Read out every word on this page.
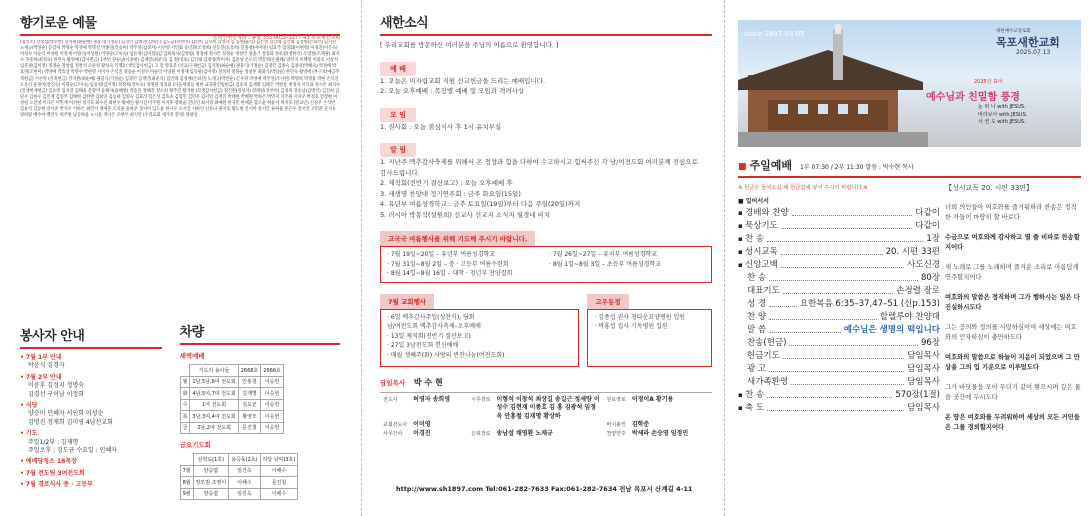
향기로운 예물
온라인헌금계좌 : 농협 355-0025-1277-43 목포새한교회
(십일조) 강성섭(박수완) 강지원(최순애) 권용식(가정순) 김경민 김태연(김태은) 김도균(강선미) 김선희 김수희 김영자 김 동원(윤석) 김은영 김인례 김인태 김정병(손외선) 김지연 노재규(박연순) 문갑미 박영순 박경애 박명실 박종연(안승미) 박주연(김정자) 서선영 서인화 송인환(조정희) 신동진(오옥희) 안홍철(이미영) 엄효주 엄경화(이현영) 이경진(이은숙) 이성수 이순덕 이양원 이정재 이영석(이성원) 이명순(고미숙) 임유영(김미정)(김 임희목사(김병엽) 정경애 정시몬 정정순 정창민 정충기 정충화 정초영(정한석) 조영원(조재권) 최지수 추준희(최정숙) 한민숙 황영애 (감사헌금) 1부헌 강순남(서종현) 김재민(최준석) 김 원(영초) 김인례 김재명(박미자) 김준상 문모리 박문희(손원해) 양선지 이해연 이중호 이창석 임유필(김미정) 정정순 정창림 정찬석 조순영 황성숙 익명2 (생일감사헌금) 고 걸 박효준 (선교/구제헌금) 김지원(최순애) 권용식(가정순) 김경민 김종숙 김종성(박혜숙) 박경애 박효영(조현미) 박양애 박효상 박병수 박현영 서미자 손석진 정용순 이성수 이순덕 이양원 이정재 임유필(김미정) 정정희 정정순 정창훈 최화식(박일순) 한민숙 황영애 (부구보(예금추적헌금) 서선영 (건축헌금) 강지원(최순애) 권용식(가정순) 김경민 김재민(최준석) 김인례 김정배(손외선) 노재규(박연순) 문우위 박경애 박주연(조지현) 박명희 박정용 박현 손석진 오유석 윤정미(강진숙) 이명순(고미숙) 임유영(김미정) 정정희(강미숙) 정명원 정경화 (다음세대를 위한 교육관건립헌금) 김승혁 김재명 김태은 박현용 변정자 서인화 정시몬 최지수 (일생헌제헌금) 김유빈 김지연 김해윤 문향미 윤혜자(윤혜영) 박승진 정해진 정소희 황주연 황지현 (학생감사헌금) 정진원(정성자) 강래원(강선미) 김정목 강승남(김병석) 김진희 김단우 김현우 김민재 김연주 김태현 김한별 김희연 김동하 김명숙 김효라 김은성 김효솔 김형민 김민우 김서연 김재진 박태현 박혜원 박하은 박민지 서주원 서지우 박정호 안장현 이상원 오진영 이다은 이민재 이서현 정지호 최수진 최현우 황예린 황서진 이주원 이지후 장하윤 전다인 최서영 최예원 한지민 한예준 함소윤 허윤서 허지호 (전교인) 손정우 손석빈 김윤석 김동현 강서준 박지우 이하은 최민서 정예준 조서윤 윤하준 장지아 임도윤 한시우 오서진 서하린 신유나 권지호 황도현 안서아 송지안 류하율 홍은우 전서연 고민준 문지유 양하람 배수아 백건우 허주원 남궁하윤 노시윤 정다은 조현우 최지안 (우리교회 새가족 환영) 목양실
봉사자 안내
• 7월 1부 안내
박윤식 김경자
• 7월 2부 안내
이윤후 김성지 정명숙
김경선 구이남 이정희
• 식당
양승미 민혜자 서인희 이성순
김명진 정재희 김미영 4남선교회
• 기도
주일1/2부 : 김재명
주일오후 : 김도균 수요일 : 민혜자
• 예배당청소 18목장
• 7월 전도팀 3여전도회
• 7월 경로식사 중 · 고등부
차량
새벽예배
	기도의 용사들	2668호	2666호
월	1남,5남,6여 전도회	안홍철	이승헌
화	4남,5여,7여 전도회	김재명	이승헌
수	1여 전도회	김도균	이승헌
목	3남,3여,4여 전도회	황영모	이승헌
금	2남,2여 전도회	문진철	이승헌
금요기도회
	삼학도(1호)	용곡동(2호)	하당 남악(3호)
7월	양승엽	임진옥	이해수
8월	장모범 조영이	이해수	문진철
9월	양승엽	임진옥	이해수
새한소식
[ 우리교회를 방문하신 여러분을 주님의 이름으로 환영합니다. ]
예 배
1. 오늘은 미자립교회 지원 선교헌금을 드리는 예배입니다.
2. 오늘 오후예배 : 목장별 예배 및 모임과 격려사상
모 임
1. 권사회 : 오늘 점심식사 후 1시 유치부실
알 림
1. 지난주 맥추감사축제를 위해서 온 정성과 힘을 다하여 수고하시고 힘써주신 각 남/여전도회 여러분께 진심으로 감사드립니다.
2. 제직회(전반기 결산보고) : 오늘 오후예배 후
3. 새생명 찬양대 정기연주회 : 금주 화요일(15일)
4. 유년부 여름성경학교 : 금주 토요일(19일)부터 다음 주일(20일)까지
5. 러시아 박몽석(설원희) 선교사 선교지 소식지 월경대 비치
고국국 여름행사를 위해 기도해 주시기 바랍니다.
· 7월 19일~20일 – 유년부 여름성경학교	· 7월 26일~27일 – 유치부 여름성경학교
· 7월 31일~8월 2일 – 중 · 고등부 여름수련회	· 8월 1일~8월 3일 – 초등부 여름성경학교
· 8월 14일~8월 16일 – 대학 · 청년부 찬양집회
7월 교회행사
· 6일 맥추감사주일(성찬식), 당회
남/여전도회 맥추감사축제–오후예배
· 13일 제직회(전반기 결산보고)
· 27일 3남전도회 헌신예배
· 매월 셋째주(화) 사랑의 반찬나눔(여전도회)
고우동정
· 김종섭 권사 청다운요양병원 입원
· 박홍섭 집사 기독병원 입원
담임목사 박 수 현
전도사	허영자 송희영	시무장로	이형석 이창석 최상길 송길근 정세량 이성수 김현재 이종호 김 홍 김광석 임정옥 안홍철 김재명 황상하	원로장로	이정이A 황기용
교회전도사	이미영			바이올린	김학준
사무간사	이경진	은퇴장로	송남섭 채영환 노재규	찬양연주	박세라 손승영 임정민
http://www.sh1897.com Tel:061-282-7633 Fax:061-282-7634 전남 목포시 산계길 4-11
since 1897.03.05	대한예수교장로회
목포새한교회
2025.07.13
2025년 표어
예수님과 친밀함 풍경
눈 떠 나 with JESUS.
바라보아 with JESUS.
사 귄 도 with JESUS.
■ 주일예배 1부 07:30 / 2부 11:30 말씀 : 박수현 목사
※ 헌금은 들어오실 때 헌금함에 넣어 주시기 바랍니다 ※
■ 일어서서
▪ 경배와 찬양	다같이
▪ 묵상기도	다같이
▪ 찬 송	1장
▪ 성시교독	20. 시편 33편
▪ 신앙고백	사도신경
찬 송	80장
대표기도	손정렬 장로
성 경	요한복음 6:35–37,47–51 (신p.153)
찬 양	할렐루야 찬양대
말 씀	예수님은 생명의 떡입니다
찬송(헌금)	96장
헌금기도	담임목사
광 고	담임목사
새가족환영	담임목사
▪ 찬 송	570장(1절)
▪ 축 도	담임목사
【성시교독 20. 시편 33편】
너희 의인들아 여호와를 즐거워하라 찬송은 정직한 자들이 마땅히 할 바로다
수금으로 여호와께 감사하고 열 줄 비파로 찬송할지어다
새 노래로 그를 노래하며 즐거운 소리로 아름답게 연주할지어다
여호와의 말씀은 정직하며 그가 행하시는 일은 다 진실하시도다
그는 공의와 정의를 사랑하심이여 세상에는 여호와의 인자하심이 충만하도다
여호와의 말씀으로 하늘이 지음이 되었으며 그 만상을 그의 입 기운으로 이루었도다
그가 바닷물을 모아 무더기 같이 쌓으시며 깊은 물을 곳간에 두시도다
온 땅은 여호와를 두려워하며 세상의 모든 거민들은 그를 경외할지어다
